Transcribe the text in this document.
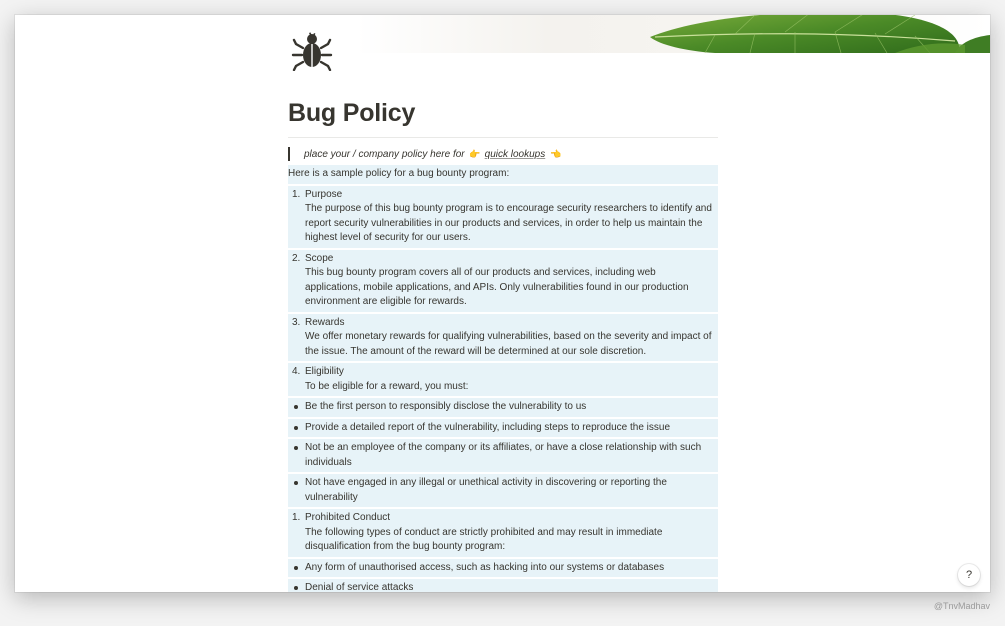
Bug Policy
place your / company policy here for 👉 quick lookups 👈
Here is a sample policy for a bug bounty program:
1. Purpose
The purpose of this bug bounty program is to encourage security researchers to identify and report security vulnerabilities in our products and services, in order to help us maintain the highest level of security for our users.
2. Scope
This bug bounty program covers all of our products and services, including web applications, mobile applications, and APIs. Only vulnerabilities found in our production environment are eligible for rewards.
3. Rewards
We offer monetary rewards for qualifying vulnerabilities, based on the severity and impact of the issue. The amount of the reward will be determined at our sole discretion.
4. Eligibility
To be eligible for a reward, you must:
Be the first person to responsibly disclose the vulnerability to us
Provide a detailed report of the vulnerability, including steps to reproduce the issue
Not be an employee of the company or its affiliates, or have a close relationship with such individuals
Not have engaged in any illegal or unethical activity in discovering or reporting the vulnerability
1. Prohibited Conduct
The following types of conduct are strictly prohibited and may result in immediate disqualification from the bug bounty program:
Any form of unauthorised access, such as hacking into our systems or databases
Denial of service attacks
?
@TnvMadhav
